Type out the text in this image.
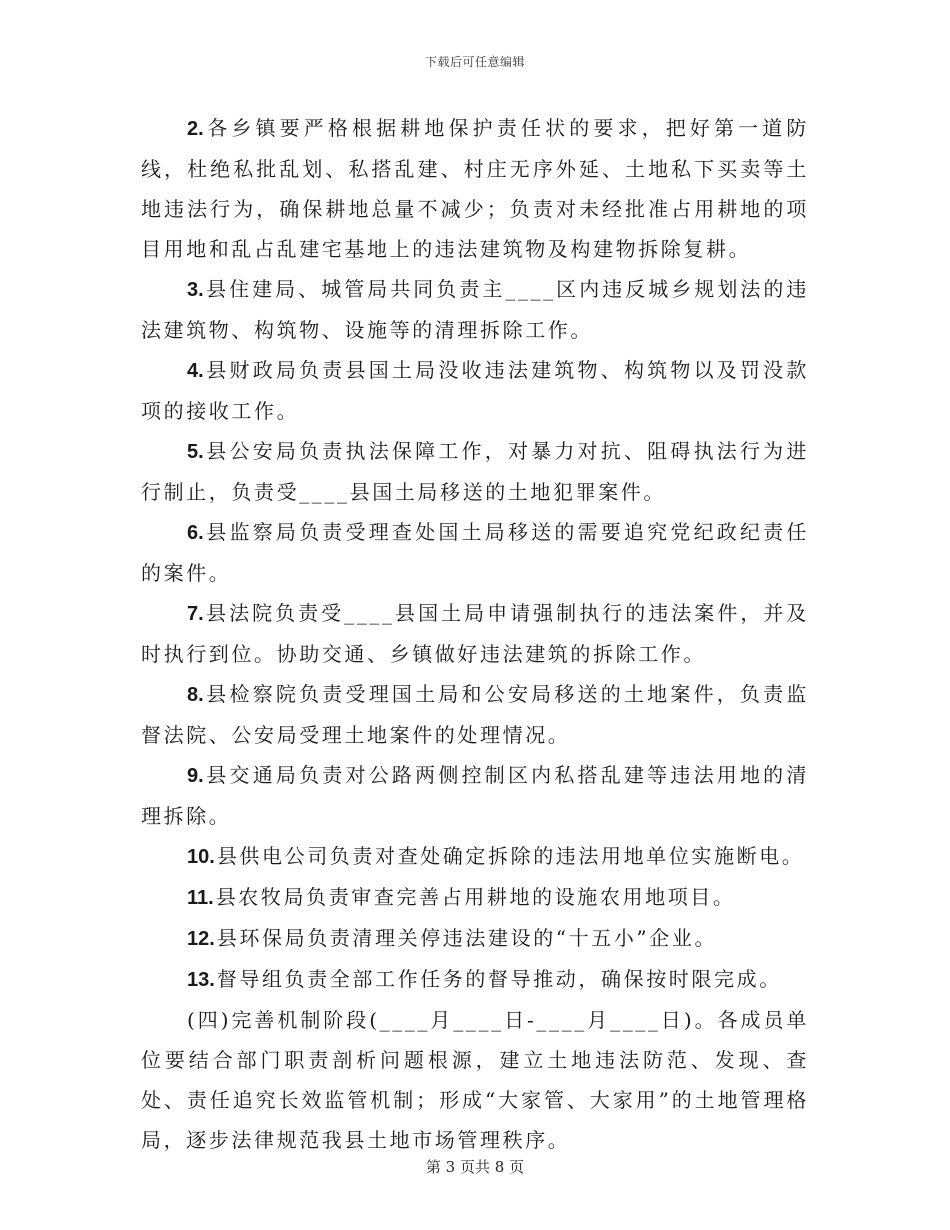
下载后可任意编辑

2. 各乡镇要严格根据耕地保护责任状的要求，把好第一道防线，杜绝私批乱划、私搭乱建、村庄无序外延、土地私下买卖等土地违法行为，确保耕地总量不减少；负责对未经批准占用耕地的项目用地和乱占乱建宅基地上的违法建筑物及构建物拆除复耕。

3. 县住建局、城管局共同负责主____区内违反城乡规划法的违法建筑物、构筑物、设施等的清理拆除工作。

4. 县财政局负责县国土局没收违法建筑物、构筑物以及罚没款项的接收工作。

5. 县公安局负责执法保障工作，对暴力对抗、阻碍执法行为进行制止，负责受____县国土局移送的土地犯罪案件。

6. 县监察局负责受理查处国土局移送的需要追究党纪政纪责任的案件。

7. 县法院负责受____县国土局申请强制执行的违法案件，并及时执行到位。协助交通、乡镇做好违法建筑的拆除工作。

8. 县检察院负责受理国土局和公安局移送的土地案件，负责监督法院、公安局受理土地案件的处理情况。

9. 县交通局负责对公路两侧控制区内私搭乱建等违法用地的清理拆除。

10. 县供电公司负责对查处确定拆除的违法用地单位实施断电。

11. 县农牧局负责审查完善占用耕地的设施农用地项目。

12. 县环保局负责清理关停违法建设的“十五小”企业。

13. 督导组负责全部工作任务的督导推动，确保按时限完成。

(四)完善机制阶段(____月____日-____月____日)。各成员单位要结合部门职责剖析问题根源，建立土地违法防范、发现、查处、责任追究长效监管机制；形成“大家管、大家用”的土地管理格局，逐步法律规范我县土地市场管理秩序。

第 3 页共 8 页
